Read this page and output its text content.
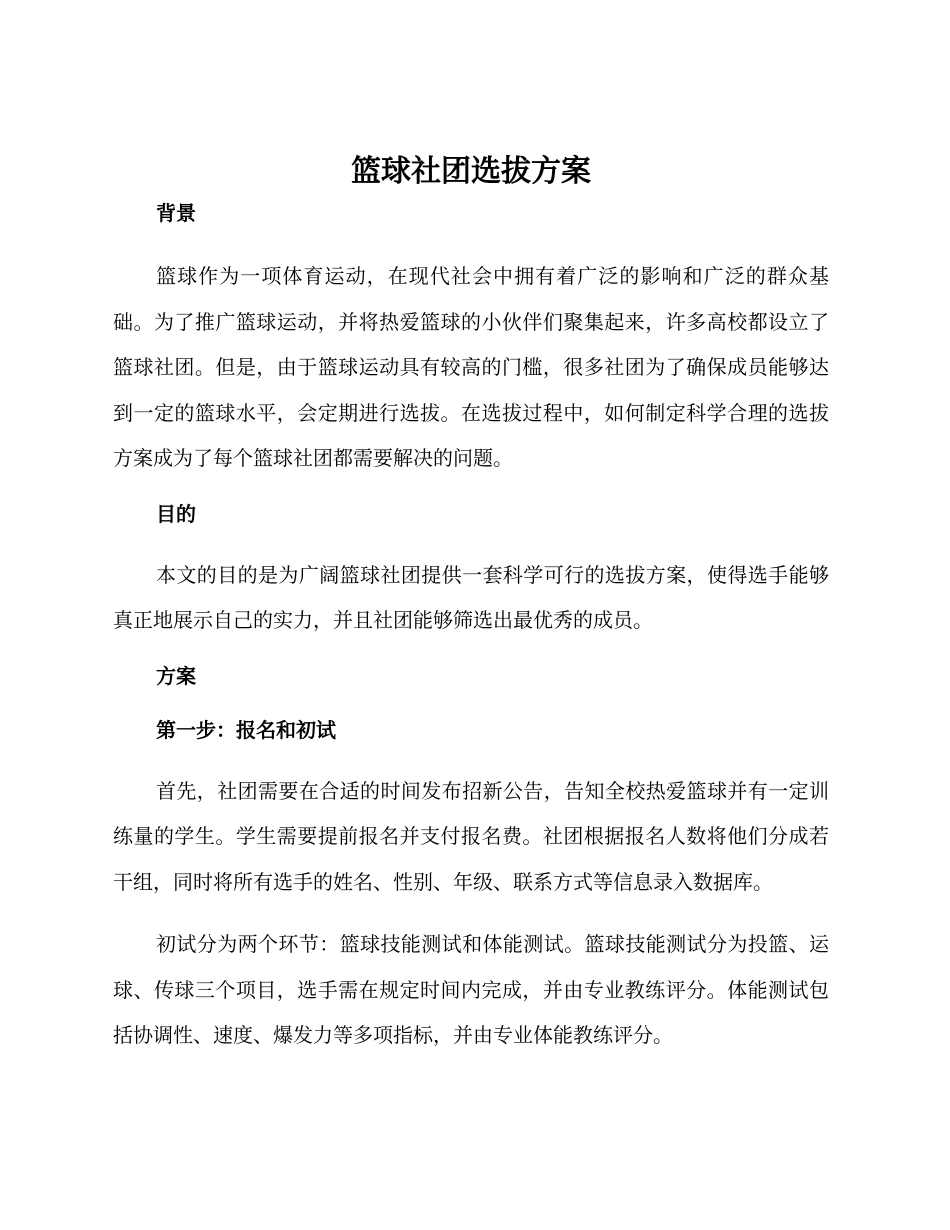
篮球社团选拔方案
背景

篮球作为一项体育运动，在现代社会中拥有着广泛的影响和广泛的群众基础。为了推广篮球运动，并将热爱篮球的小伙伴们聚集起来，许多高校都设立了篮球社团。但是，由于篮球运动具有较高的门槛，很多社团为了确保成员能够达到一定的篮球水平，会定期进行选拔。在选拔过程中，如何制定科学合理的选拔方案成为了每个篮球社团都需要解决的问题。

目的

本文的目的是为广阔篮球社团提供一套科学可行的选拔方案，使得选手能够真正地展示自己的实力，并且社团能够筛选出最优秀的成员。

方案
第一步：报名和初试

首先，社团需要在合适的时间发布招新公告，告知全校热爱篮球并有一定训练量的学生。学生需要提前报名并支付报名费。社团根据报名人数将他们分成若干组，同时将所有选手的姓名、性别、年级、联系方式等信息录入数据库。

初试分为两个环节：篮球技能测试和体能测试。篮球技能测试分为投篮、运球、传球三个项目，选手需在规定时间内完成，并由专业教练评分。体能测试包括协调性、速度、爆发力等多项指标，并由专业体能教练评分。
